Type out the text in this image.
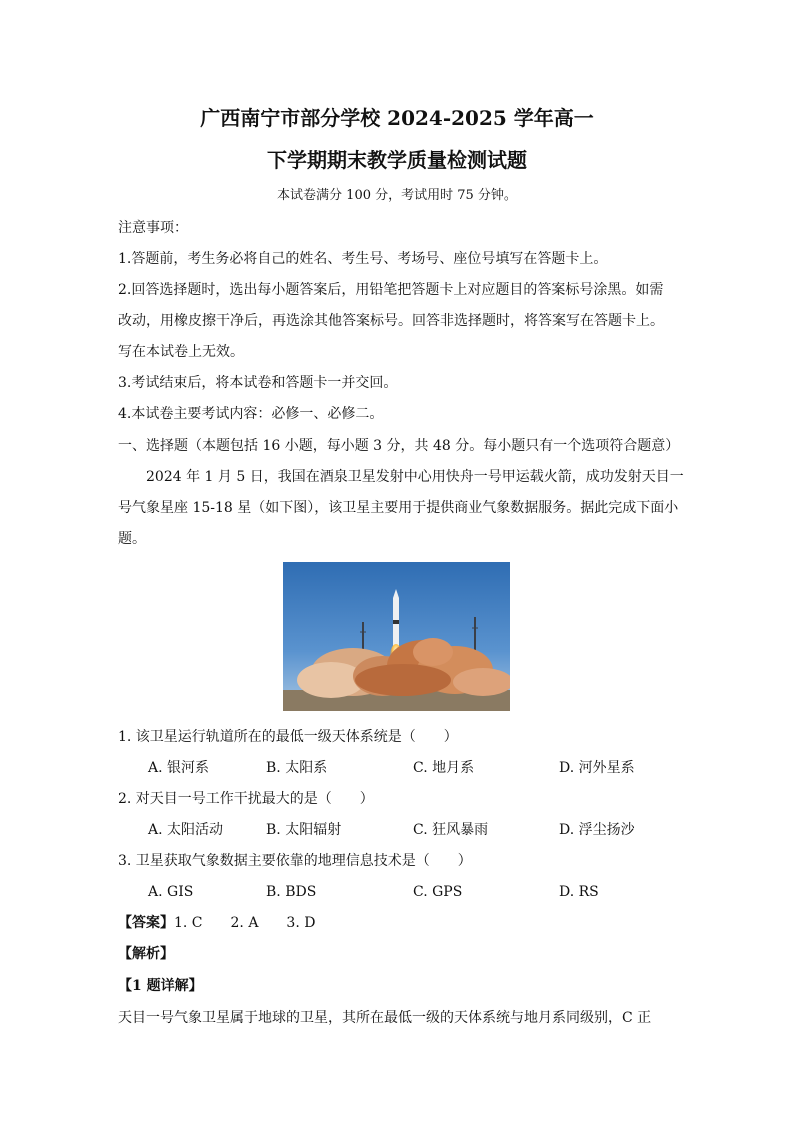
广西南宁市部分学校 2024-2025 学年高一
下学期期末教学质量检测试题
本试卷满分 100 分，考试用时 75 分钟。
注意事项：
1.答题前，考生务必将自己的姓名、考生号、考场号、座位号填写在答题卡上。
2.回答选择题时，选出每小题答案后，用铅笔把答题卡上对应题目的答案标号涂黑。如需
改动，用橡皮擦干净后，再选涂其他答案标号。回答非选择题时，将答案写在答题卡上。
写在本试卷上无效。
3.考试结束后，将本试卷和答题卡一并交回。
4.本试卷主要考试内容：必修一、必修二。
一、选择题（本题包括 16 小题，每小题 3 分，共 48 分。每小题只有一个选项符合题意）
2024 年 1 月 5 日，我国在酒泉卫星发射中心用快舟一号甲运载火箭，成功发射天目一
号气象星座 15-18 星（如下图），该卫星主要用于提供商业气象数据服务。据此完成下面小
题。
1. 该卫星运行轨道所在的最低一级天体系统是（　　）
A. 银河系	B. 太阳系	C. 地月系	D. 河外星系
2. 对天目一号工作干扰最大的是（　　）
A. 太阳活动	B. 太阳辐射	C. 狂风暴雨	D. 浮尘扬沙
3. 卫星获取气象数据主要依靠的地理信息技术是（　　）
A. GIS	B. BDS	C. GPS	D. RS
【答案】1. C　　2. A　　3. D
【解析】
【1 题详解】
天目一号气象卫星属于地球的卫星，其所在最低一级的天体系统与地月系同级别，C 正
